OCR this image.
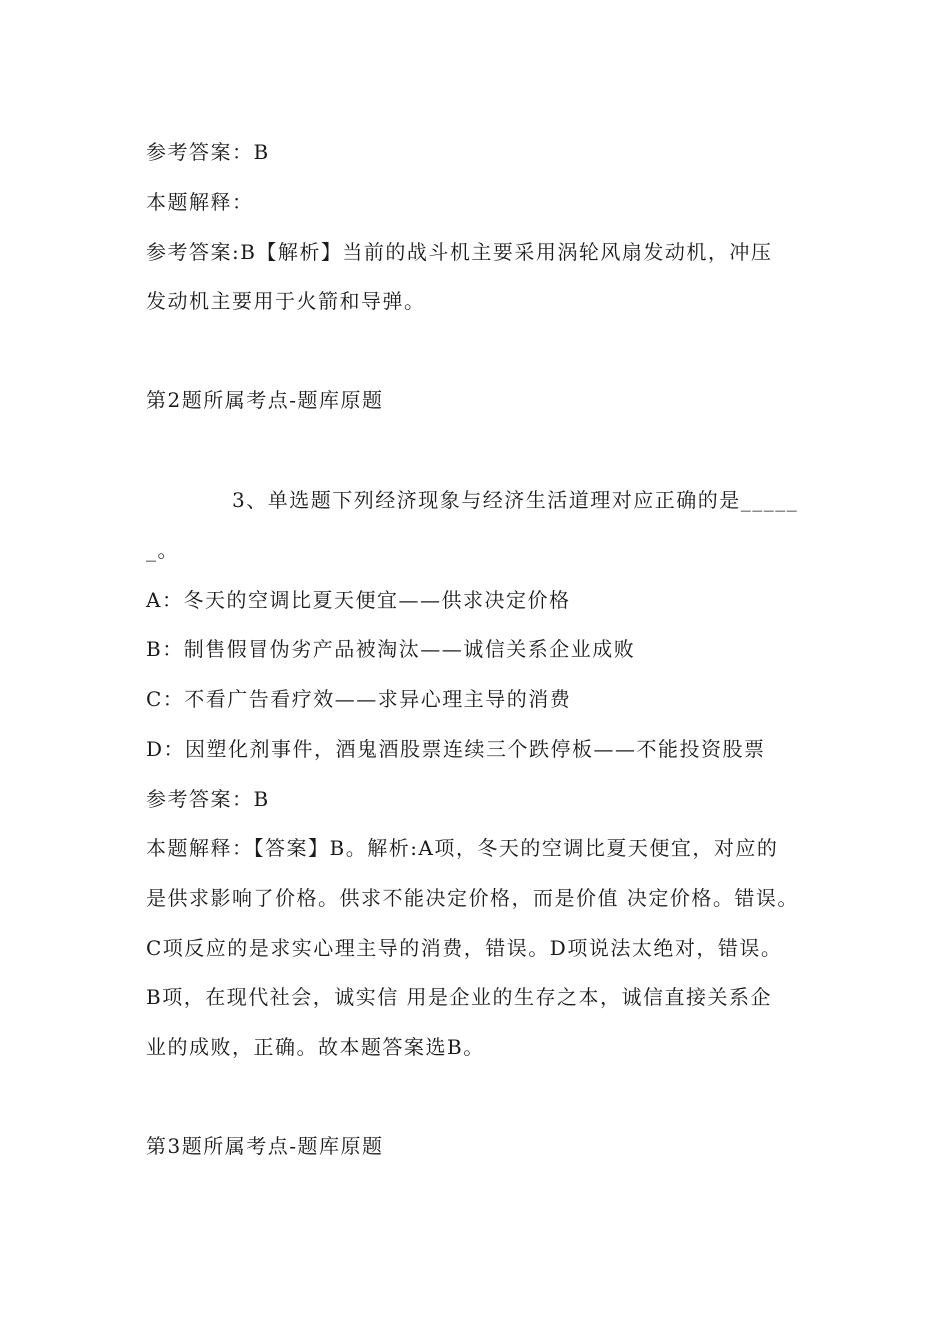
参考答案：B
本题解释：
参考答案:B【解析】当前的战斗机主要采用涡轮风扇发动机，冲压
发动机主要用于火箭和导弹。
第2题所属考点-题库原题
3、单选题下列经济现象与经济生活道理对应正确的是_____
_。
A：冬天的空调比夏天便宜——供求决定价格
B：制售假冒伪劣产品被淘汰——诚信关系企业成败
C：不看广告看疗效——求异心理主导的消费
D：因塑化剂事件，酒鬼酒股票连续三个跌停板——不能投资股票
参考答案：B
本题解释：【答案】B。解析:A项，冬天的空调比夏天便宜，对应的
是供求影响了价格。供求不能决定价格，而是价值 决定价格。错误。
C项反应的是求实心理主导的消费，错误。D项说法太绝对，错误。
B项，在现代社会，诚实信 用是企业的生存之本，诚信直接关系企
业的成败，正确。故本题答案选B。
第3题所属考点-题库原题
